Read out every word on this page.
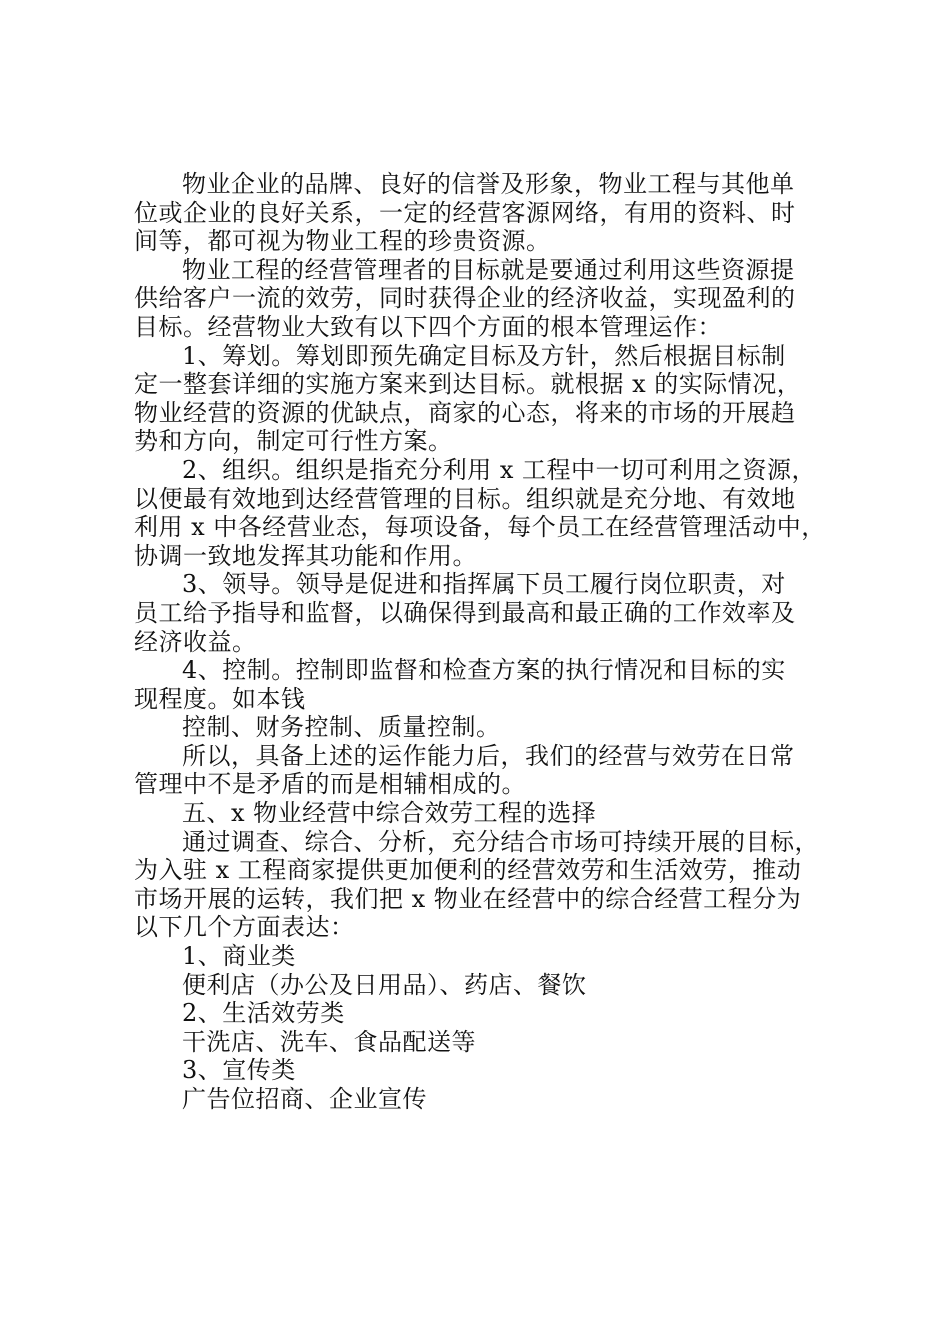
物业企业的品牌、良好的信誉及形象，物业工程与其他单
位或企业的良好关系，一定的经营客源网络，有用的资料、时
间等，都可视为物业工程的珍贵资源。
物业工程的经营管理者的目标就是要通过利用这些资源提
供给客户一流的效劳，同时获得企业的经济收益，实现盈利的
目标。经营物业大致有以下四个方面的根本管理运作：
1、筹划。筹划即预先确定目标及方针，然后根据目标制
定一整套详细的实施方案来到达目标。就根据 x 的实际情况，
物业经营的资源的优缺点，商家的心态，将来的市场的开展趋
势和方向，制定可行性方案。
2、组织。组织是指充分利用 x 工程中一切可利用之资源，
以便最有效地到达经营管理的目标。组织就是充分地、有效地
利用 x 中各经营业态，每项设备，每个员工在经营管理活动中，
协调一致地发挥其功能和作用。
3、领导。领导是促进和指挥属下员工履行岗位职责，对
员工给予指导和监督，以确保得到最高和最正确的工作效率及
经济收益。
4、控制。控制即监督和检查方案的执行情况和目标的实
现程度。如本钱
控制、财务控制、质量控制。
所以，具备上述的运作能力后，我们的经营与效劳在日常
管理中不是矛盾的而是相辅相成的。
五、x 物业经营中综合效劳工程的选择
通过调查、综合、分析，充分结合市场可持续开展的目标，
为入驻 x 工程商家提供更加便利的经营效劳和生活效劳，推动
市场开展的运转，我们把 x 物业在经营中的综合经营工程分为
以下几个方面表达：
1、商业类
便利店（办公及日用品）、药店、餐饮
2、生活效劳类
干洗店、洗车、食品配送等
3、宣传类
广告位招商、企业宣传
